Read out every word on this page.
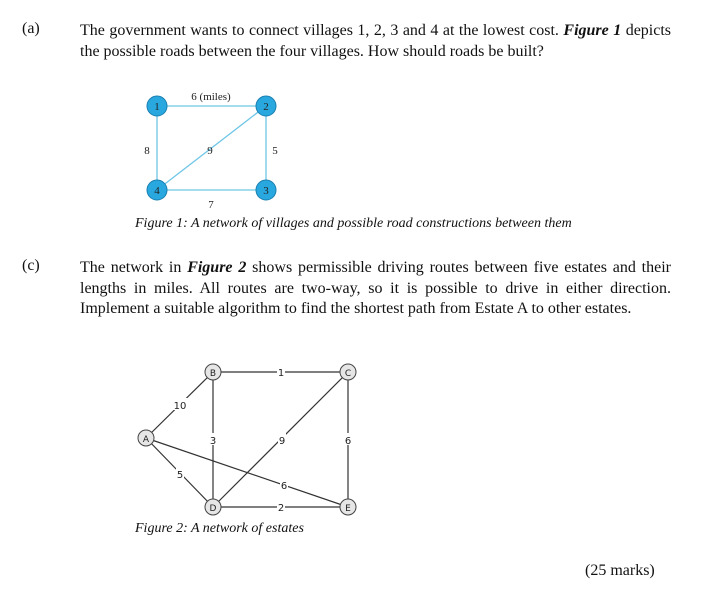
(a)	The government wants to connect villages 1, 2, 3 and 4 at the lowest cost. Figure 1 depicts the possible roads between the four villages. How should roads be built?
6 (miles)
8	9	5
7
1	2
3
4
Figure 1: A network of villages and possible road constructions between them
(c)	The network in Figure 2 shows permissible driving routes between five estates and their lengths in miles. All routes are two-way, so it is possible to drive in either direction. Implement a suitable algorithm to find the shortest path from Estate A to other estates.
10
1
3	9	6
5
6
2
A
B	C
D	E
Figure 2: A network of estates
(25 marks)
